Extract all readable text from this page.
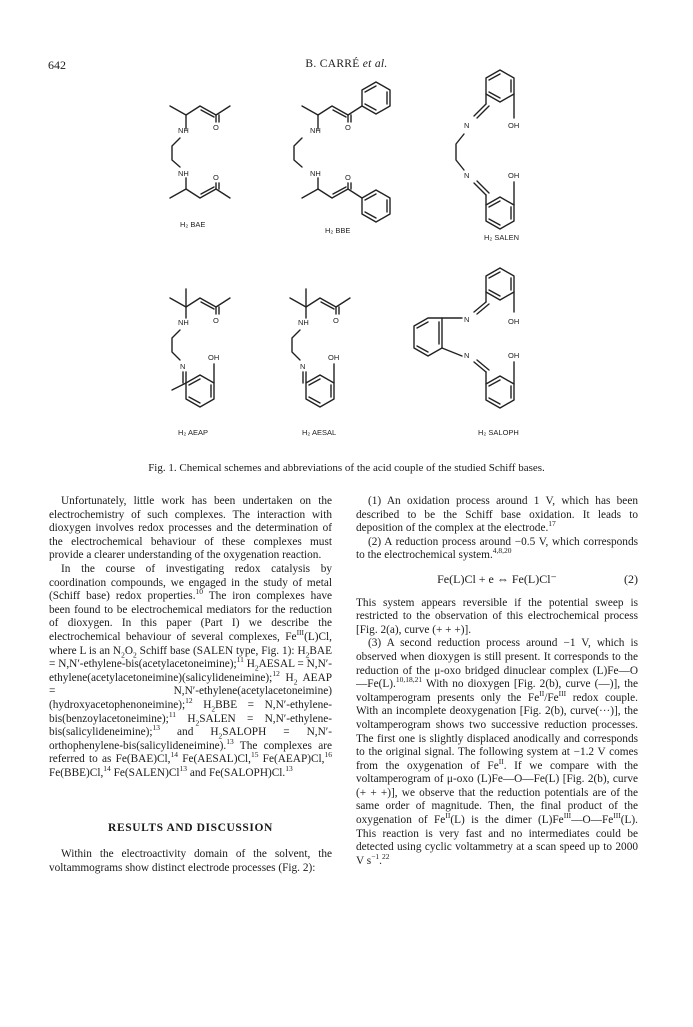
642	B. CARRÉ et al.
NH	O
NH	O
NH	O
NH	O
N	OH
N	OH
NH	O
N
OH
NH	O
N
OH
N	OH
N	OH
H₂ BAE
H₂ BBE
H₂ SALEN
H₂ AEAP	H₂ AESAL	H₂ SALOPH
Fig. 1. Chemical schemes and abbreviations of the acid couple of the studied Schiff bases.

Unfortunately, little work has been undertaken on the electrochemistry of such complexes. The interaction with dioxygen involves redox processes and the determination of the electrochemical behaviour of these complexes must provide a clearer understanding of the oxygenation reaction.

In the course of investigating redox catalysis by coordination compounds, we engaged in the study of metal (Schiff base) redox properties.$^{10}$ The iron complexes have been found to be electrochemical mediators for the reduction of dioxygen. In this paper (Part I) we describe the electrochemical behaviour of several complexes, $Fe^{III}(L)Cl$, where L is an $N_2O_2$ Schiff base (SALEN type, Fig. 1): $H_2BAE$ = N,N′-ethylene-bis(acetylacetoneimine);$^{11}$ $H_2AESAL$ = N,N′-ethylene(acetylacetoneimine)(salicylideneimine);$^{12}$ $H_2$ AEAP = N,N′-ethylene(acetylacetoneimine)(hydroxyacetophenoneimine);$^{12}$ $H_2BBE$ = N,N′-ethylene-bis(benzoylacetoneimine);$^{11}$ $H_2SALEN$ = N,N′-ethylene-bis(salicylideneimine);$^{13}$ and $H_2SALOPH$ = N,N′-orthophenylene-bis(salicylideneimine).$^{13}$ The complexes are referred to as Fe(BAE)Cl,$^{14}$ Fe(AESAL)Cl,$^{15}$ Fe(AEAP)Cl,$^{16}$ Fe(BBE)Cl,$^{14}$ Fe(SALEN)Cl$^{13}$ and Fe(SALOPH)Cl.$^{13}$

RESULTS AND DISCUSSION

Within the electroactivity domain of the solvent, the voltammograms show distinct electrode processes (Fig. 2):

(1) An oxidation process around 1 V, which has been described to be the Schiff base oxidation. It leads to deposition of the complex at the electrode.$^{17}$

(2) A reduction process around −0.5 V, which corresponds to the electrochemical system.$^{4,8,20}$

Fe(L)Cl + e ⇔ Fe(L)Cl⁻	(2)

This system appears reversible if the potential sweep is restricted to the observation of this electrochemical process [Fig. 2(a), curve (+ + +)].

(3) A second reduction process around −1 V, which is observed when dioxygen is still present. It corresponds to the reduction of the μ-oxo bridged dinuclear complex (L)Fe—O—Fe(L).$^{10,18,21}$ With no dioxygen [Fig. 2(b), curve (—)], the voltamperogram presents only the $Fe^{II}/Fe^{III}$ redox couple. With an incomplete deoxygenation [Fig. 2(b), curve(···)], the voltamperogram shows two successive reduction processes. The first one is slightly displaced anodically and corresponds to the original signal. The following system at −1.2 V comes from the oxygenation of $Fe^{II}$. If we compare with the voltamperogram of μ-oxo (L)Fe—O—Fe(L) [Fig. 2(b), curve (+ + +)], we observe that the reduction potentials are of the same order of magnitude. Then, the final product of the oxygenation of $Fe^{II}(L)$ is the dimer $(L)Fe^{III}—O—Fe^{III}(L)$. This reaction is very fast and no intermediates could be detected using cyclic voltammetry at a scan speed up to 2000 V $s^{-1}.^{22}$
